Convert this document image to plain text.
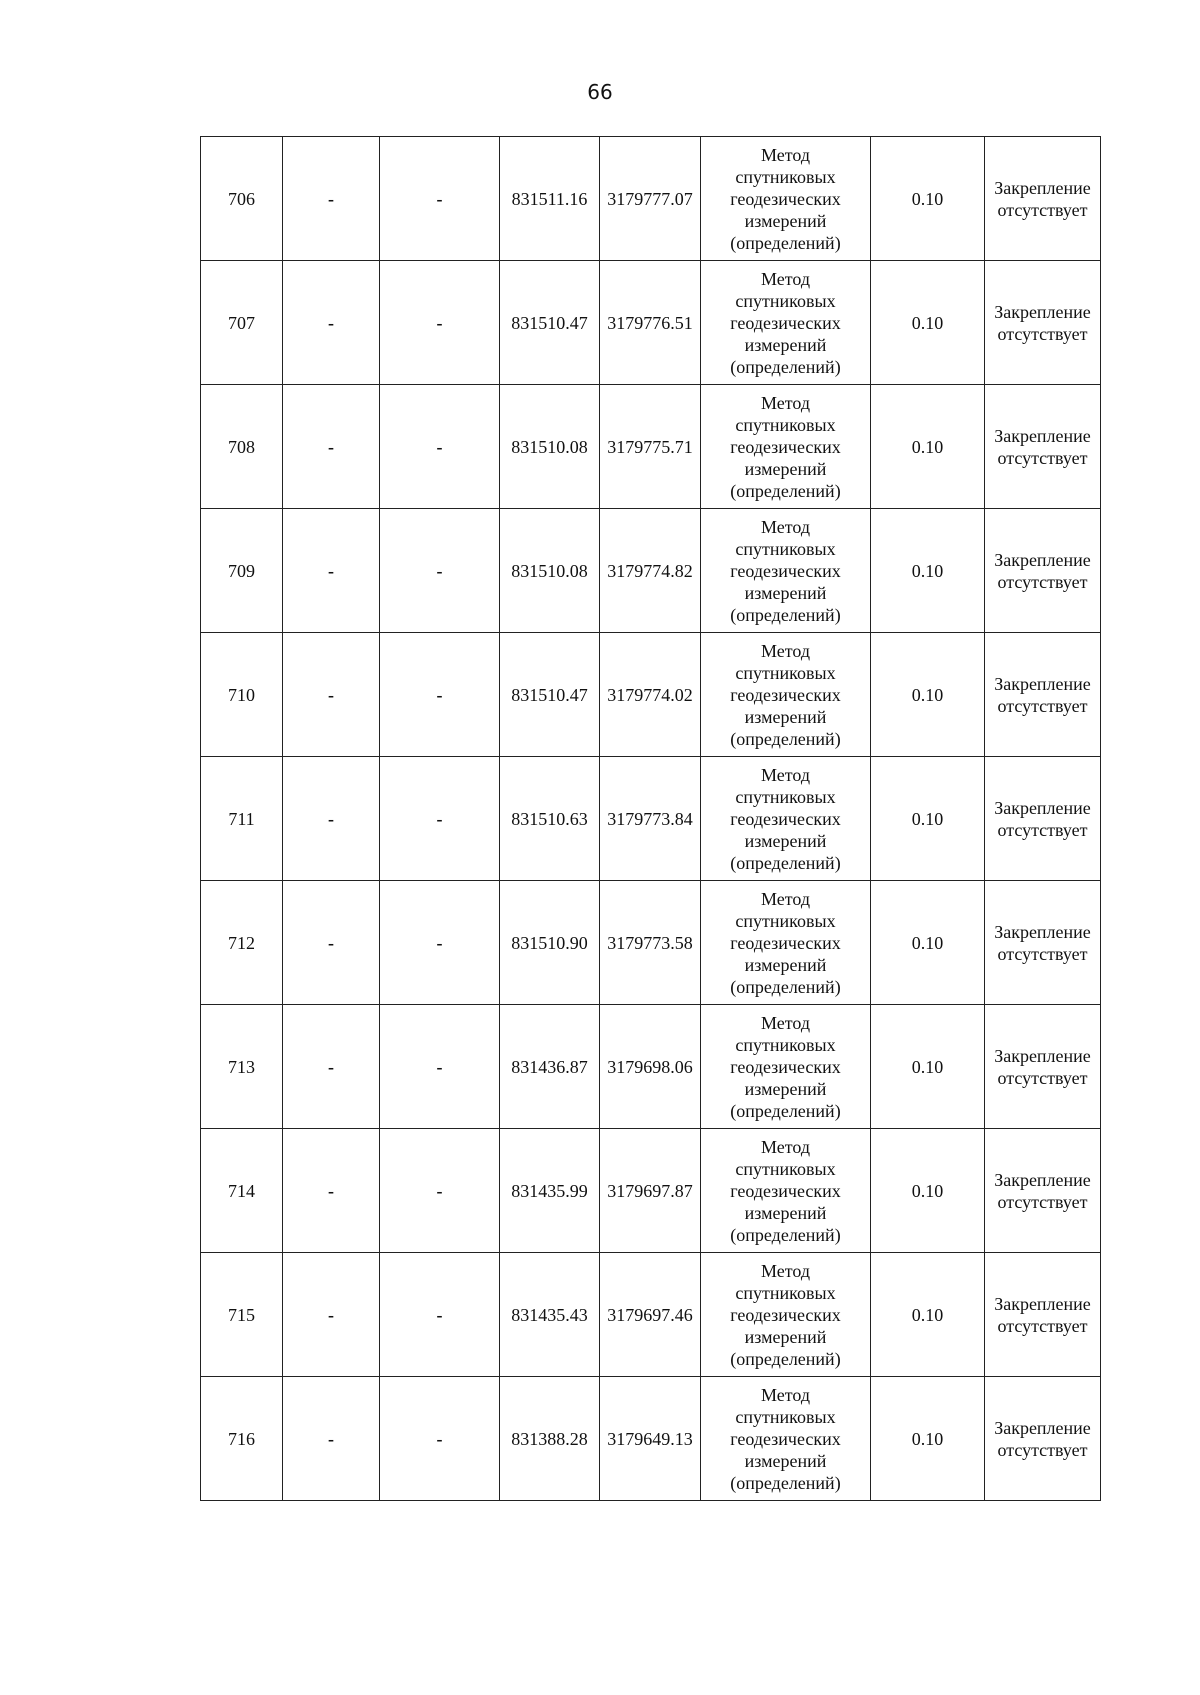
66
706	-	-	831511.16	3179777.07	Метод
спутниковых
геодезических
измерений
(определений)	0.10	Закрепление
отсутствует

707	-	-	831510.47	3179776.51	Метод
спутниковых
геодезических
измерений
(определений)	0.10	Закрепление
отсутствует

708	-	-	831510.08	3179775.71	Метод
спутниковых
геодезических
измерений
(определений)	0.10	Закрепление
отсутствует

709	-	-	831510.08	3179774.82	Метод
спутниковых
геодезических
измерений
(определений)	0.10	Закрепление
отсутствует

710	-	-	831510.47	3179774.02	Метод
спутниковых
геодезических
измерений
(определений)	0.10	Закрепление
отсутствует

711	-	-	831510.63	3179773.84	Метод
спутниковых
геодезических
измерений
(определений)	0.10	Закрепление
отсутствует

712	-	-	831510.90	3179773.58	Метод
спутниковых
геодезических
измерений
(определений)	0.10	Закрепление
отсутствует

713	-	-	831436.87	3179698.06	Метод
спутниковых
геодезических
измерений
(определений)	0.10	Закрепление
отсутствует

714	-	-	831435.99	3179697.87	Метод
спутниковых
геодезических
измерений
(определений)	0.10	Закрепление
отсутствует

715	-	-	831435.43	3179697.46	Метод
спутниковых
геодезических
измерений
(определений)	0.10	Закрепление
отсутствует

716	-	-	831388.28	3179649.13	Метод
спутниковых
геодезических
измерений
(определений)	0.10	Закрепление
отсутствует
